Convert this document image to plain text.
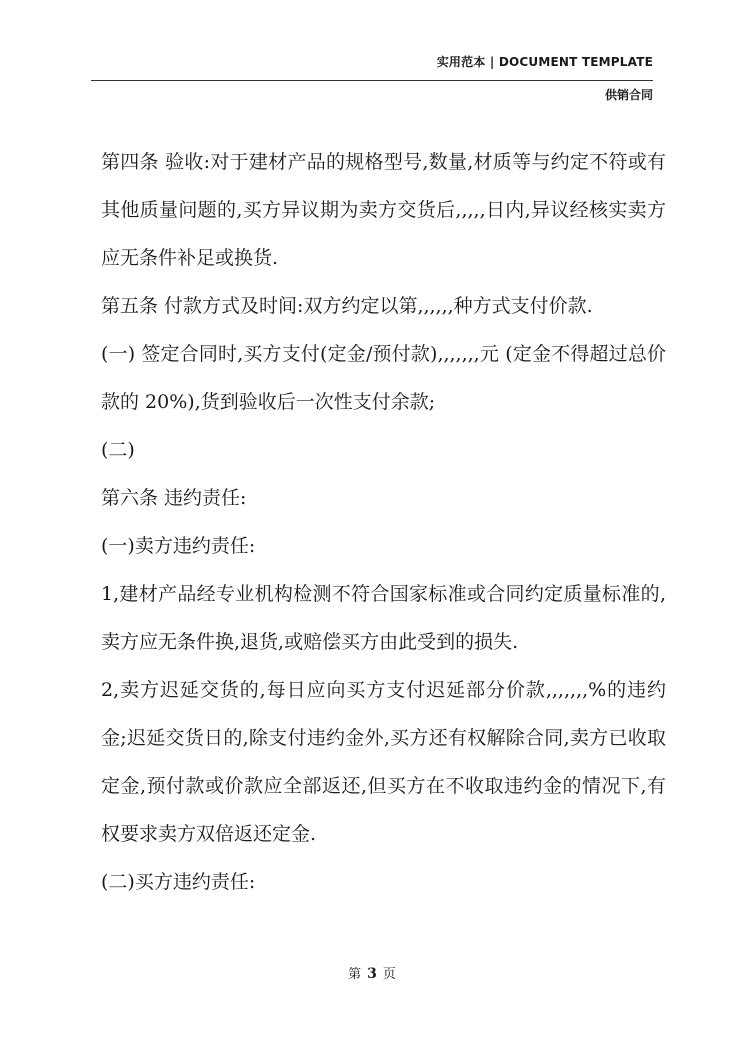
实用范本 | DOCUMENT TEMPLATE
供销合同

第四条 验收:对于建材产品的规格型号,数量,材质等与约定不符或有其他质量问题的,买方异议期为卖方交货后,,,,,日内,异议经核实卖方应无条件补足或换货.

第五条 付款方式及时间:双方约定以第,,,,,,种方式支付价款.

(一) 签定合同时,买方支付(定金/预付款),,,,,,,元 (定金不得超过总价款的 20%),货到验收后一次性支付余款;

(二)

第六条 违约责任:

(一)卖方违约责任:

1,建材产品经专业机构检测不符合国家标准或合同约定质量标准的,卖方应无条件换,退货,或赔偿买方由此受到的损失.

2,卖方迟延交货的,每日应向买方支付迟延部分价款,,,,,,,%的违约金;迟延交货日的,除支付违约金外,买方还有权解除合同,卖方已收取定金,预付款或价款应全部返还,但买方在不收取违约金的情况下,有权要求卖方双倍返还定金.

(二)买方违约责任:

第 3 页
